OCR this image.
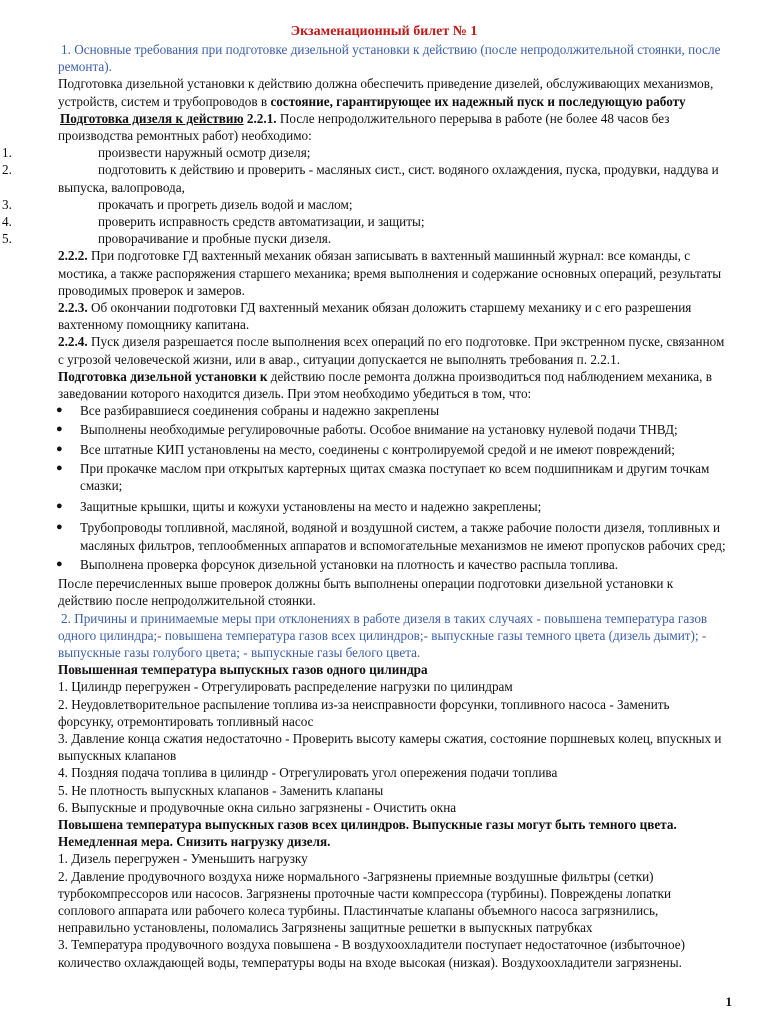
Экзаменационный билет № 1

1. Основные требования при подготовке дизельной установки к действию (после непродолжительной стоянки, после ремонта).

Подготовка дизельной установки к действию должна обеспечить приведение дизелей, обслуживающих механизмов, устройств, систем и трубопроводов в состояние, гарантирующее их надежный пуск и последующую работу

Подготовка дизеля к действию 2.2.1. После непродолжительного перерыва в работе (не более 48 часов без производства ремонтных работ) необходимо:

1.	произвести наружный осмотр дизеля;
2.	подготовить к действию и проверить - масляных сист., сист. водяного охлаждения, пуска, продувки, наддува и выпуска, валопровода,
3.	прокачать и прогреть дизель водой и маслом;
4.	проверить исправность средств автоматизации, и защиты;
5.	проворачивание и пробные пуски дизеля.

2.2.2. При подготовке ГД вахтенный механик обязан записывать в вахтенный машинный журнал: все команды, с мостика, а также распоряжения старшего механика; время выполнения и содержание основных операций, результаты проводимых проверок и замеров.

2.2.3. Об окончании подготовки ГД вахтенный механик обязан доложить старшему механику и с его разрешения вахтенному помощнику капитана.

2.2.4. Пуск дизеля разрешается после выполнения всех операций по его подготовке. При экстренном пуске, связанном с угрозой человеческой жизни, или в авар., ситуации допускается не выполнять требования п. 2.2.1.

Подготовка дизельной установки к действию после ремонта должна производиться под наблюдением механика, в заведовании которого находится дизель. При этом необходимо убедиться в том, что:

● Все разбиравшиеся соединения собраны и надежно закреплены
● Выполнены необходимые регулировочные работы. Особое внимание на установку нулевой подачи ТНВД;
● Все штатные КИП установлены на место, соединены с контролируемой средой и не имеют повреждений;
● При прокачке маслом при открытых картерных щитах смазка поступает ко всем подшипникам и другим точкам смазки;
● Защитные крышки, щиты и кожухи установлены на место и надежно закреплены;
● Трубопроводы топливной, масляной, водяной и воздушной систем, а также рабочие полости дизеля, топливных и масляных фильтров, теплообменных аппаратов и вспомогательные механизмов не имеют пропусков рабочих сред;
● Выполнена проверка форсунок дизельной установки на плотность и качество распыла топлива.

После перечисленных выше проверок должны быть выполнены операции подготовки дизельной установки к действию после непродолжительной стоянки.

2. Причины и принимаемые меры при отклонениях в работе дизеля в таких случаях - повышена температура газов одного цилиндра;- повышена температура газов всех цилиндров;- выпускные газы темного цвета (дизель дымит); - выпускные газы голубого цвета; - выпускные газы белого цвета.

Повышенная температура выпускных газов одного цилиндра

1. Цилиндр перегружен - Отрегулировать распределение нагрузки по цилиндрам

2. Неудовлетворительное распыление топлива из-за неисправности форсунки, топливного насоса - Заменить форсунку, отремонтировать топливный насос

3. Давление конца сжатия недостаточно - Проверить высоту камеры сжатия, состояние поршневых колец, впускных и выпускных клапанов

4. Поздняя подача топлива в цилиндр - Отрегулировать угол опережения подачи топлива

5. Не плотность выпускных клапанов - Заменить клапаны

6. Выпускные и продувочные окна сильно загрязнены - Очистить окна

Повышена температура выпускных газов всех цилиндров. Выпускные газы могут быть темного цвета. Немедленная мера. Снизить нагрузку дизеля.

1. Дизель перегружен - Уменьшить нагрузку

2. Давление продувочного воздуха ниже нормального -Загрязнены приемные воздушные фильтры (сетки) турбокомпрессоров или насосов. Загрязнены проточные части компрессора (турбины). Повреждены лопатки соплового аппарата или рабочего колеса турбины. Пластинчатые клапаны объемного насоса загрязнились, неправильно установлены, поломались Загрязнены защитные решетки в выпускных патрубках

3. Температура продувочного воздуха повышена - В воздухоохладители поступает недостаточное (избыточное) количество охлаждающей воды, температуры воды на входе высокая (низкая). Воздухоохладители загрязнены.

1
